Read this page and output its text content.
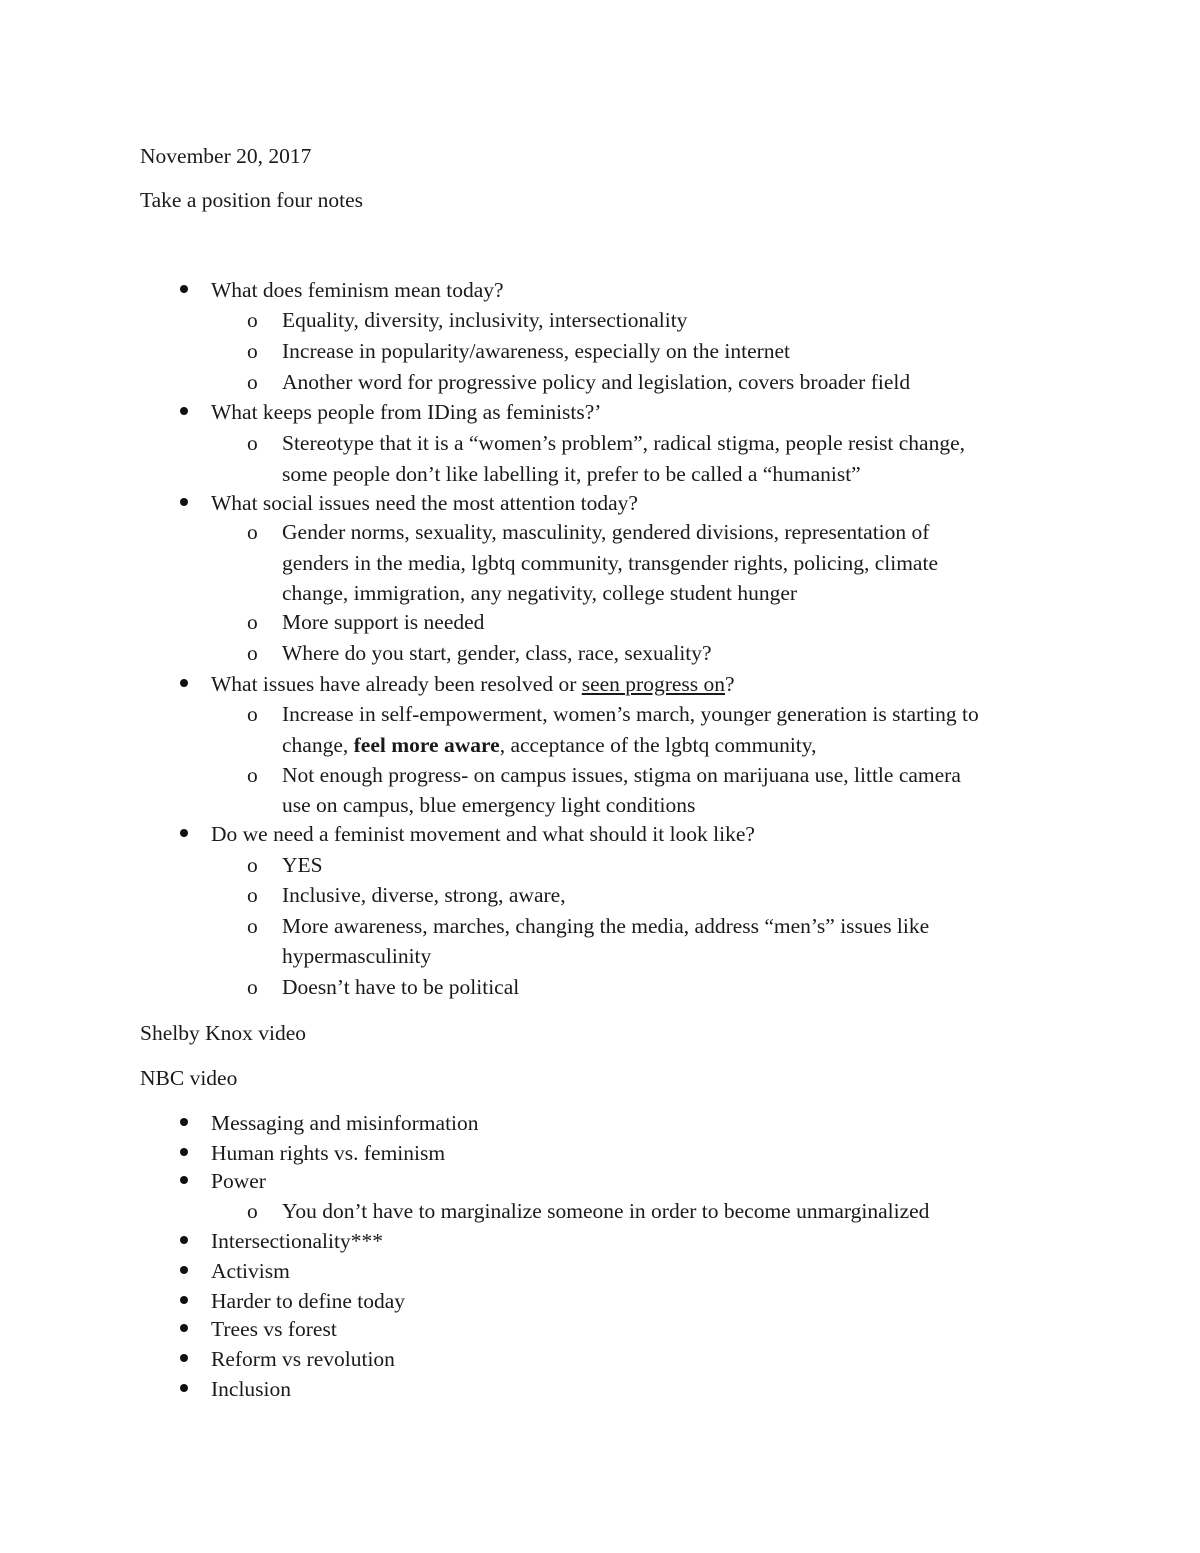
November 20, 2017
Take a position four notes
What does feminism mean today?
o Equality, diversity, inclusivity, intersectionality
o Increase in popularity/awareness, especially on the internet
o Another word for progressive policy and legislation, covers broader field
What keeps people from IDing as feminists?’
o Stereotype that it is a “women’s problem”, radical stigma, people resist change,
some people don’t like labelling it, prefer to be called a “humanist”
What social issues need the most attention today?
o Gender norms, sexuality, masculinity, gendered divisions, representation of
genders in the media, lgbtq community, transgender rights, policing, climate
change, immigration, any negativity, college student hunger
o More support is needed
o Where do you start, gender, class, race, sexuality?
What issues have already been resolved or seen progress on?
o Increase in self-empowerment, women’s march, younger generation is starting to
change, feel more aware, acceptance of the lgbtq community,
o Not enough progress- on campus issues, stigma on marijuana use, little camera
use on campus, blue emergency light conditions
Do we need a feminist movement and what should it look like?
o YES
o Inclusive, diverse, strong, aware,
o More awareness, marches, changing the media, address “men’s” issues like
hypermasculinity
o Doesn’t have to be political
Shelby Knox video
NBC video
Messaging and misinformation
Human rights vs. feminism
Power
o You don’t have to marginalize someone in order to become unmarginalized
Intersectionality***
Activism
Harder to define today
Trees vs forest
Reform vs revolution
Inclusion
